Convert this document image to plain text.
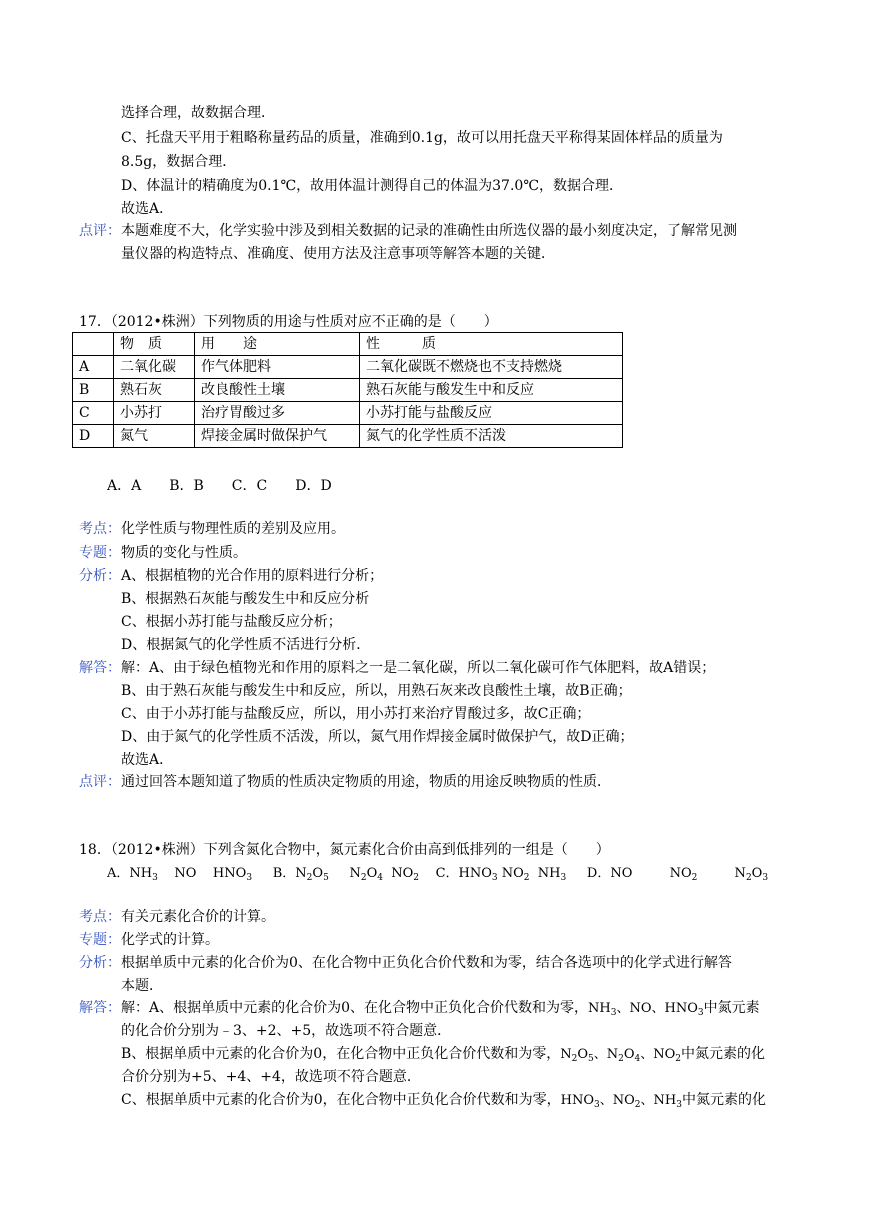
选择合理，故数据合理．
C、托盘天平用于粗略称量药品的质量，准确到0.1g，故可以用托盘天平称得某固体样品的质量为
8.5g，数据合理．
D、体温计的精确度为0.1℃，故用体温计测得自己的体温为37.0℃，数据合理．
故选A．
点评： 本题难度不大，化学实验中涉及到相关数据的记录的准确性由所选仪器的最小刻度决定，了解常见测
量仪器的构造特点、准确度、使用方法及注意事项等解答本题的关键．
17．（2012•株洲）下列物质的用途与性质对应不正确的是（　　）
	物　质	用　　途	性　　　质
A	二氧化碳	作气体肥料	二氧化碳既不燃烧也不支持燃烧
B	熟石灰	改良酸性土壤	熟石灰能与酸发生中和反应
C	小苏打	治疗胃酸过多	小苏打能与盐酸反应
D	氮气	焊接金属时做保护气	氮气的化学性质不活泼
A．A　　B．B　　C．C　　D．D
考点： 化学性质与物理性质的差别及应用。
专题： 物质的变化与性质。
分析： A、根据植物的光合作用的原料进行分析；
B、根据熟石灰能与酸发生中和反应分析
C、根据小苏打能与盐酸反应分析；
D、根据氮气的化学性质不活进行分析．
解答： 解：A、由于绿色植物光和作用的原料之一是二氧化碳，所以二氧化碳可作气体肥料，故A错误；
B、由于熟石灰能与酸发生中和反应，所以，用熟石灰来改良酸性土壤，故B正确；
C、由于小苏打能与盐酸反应，所以，用小苏打来治疗胃酸过多，故C正确；
D、由于氮气的化学性质不活泼，所以，氮气用作焊接金属时做保护气，故D正确；
故选A．
点评： 通过回答本题知道了物质的性质决定物质的用途，物质的用途反映物质的性质．
18．（2012•株洲）下列含氮化合物中，氮元素化合价由高到低排列的一组是（　　）
A．$NH_3$    NO    $HNO_3$ B．$N_2O_5$     $N_2O_4$  $NO_2$ C．$HNO_3$ $NO_2$  $NH_3$ D．NO         $NO_2$         $N_2O_3$
考点： 有关元素化合价的计算。
专题： 化学式的计算。
分析： 根据单质中元素的化合价为0、在化合物中正负化合价代数和为零，结合各选项中的化学式进行解答
本题．
解答： 解：A、根据单质中元素的化合价为0、在化合物中正负化合价代数和为零，$NH_3$、NO、$HNO_3$中氮元素
的化合价分别为﹣3、+2、+5，故选项不符合题意．
B、根据单质中元素的化合价为0，在化合物中正负化合价代数和为零，$N_2O_5$、$N_2O_4$、$NO_2$中氮元素的化
合价分别为+5、+4、+4，故选项不符合题意．
C、根据单质中元素的化合价为0，在化合物中正负化合价代数和为零，$HNO_3$、$NO_2$、$NH_3$中氮元素的化
